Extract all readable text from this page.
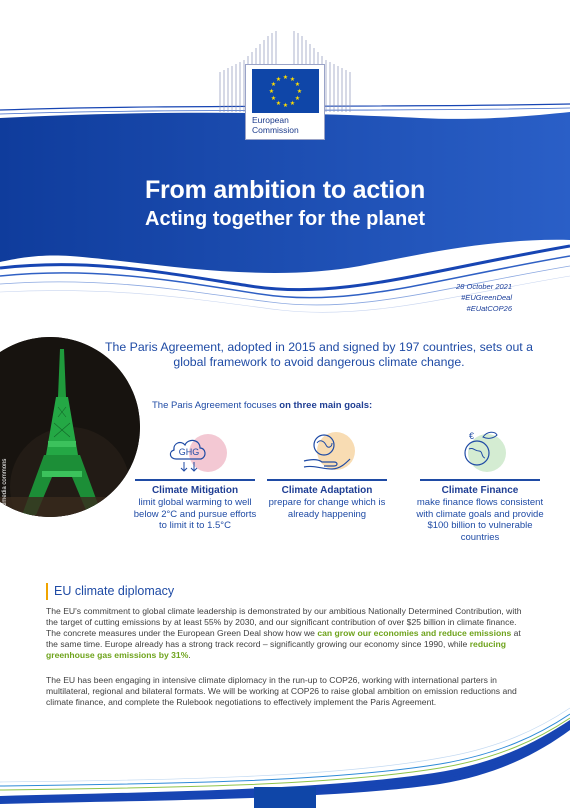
★ ★
★
★
★
★
★
★
★
★
★
★
European
Commission
From ambition to action
Acting together for the planet
28 October 2021
#EUGreenDeal
#EUatCOP26
© Wikimedia commons
The Paris Agreement, adopted in 2015 and signed by 197 countries, sets out a global framework to avoid dangerous climate change.
The Paris Agreement focuses on three main goals:
GHG
Climate Mitigation
limit global warming to well below 2°C and pursue efforts to limit it to 1.5°C
Climate Adaptation
prepare for change which is already happening
€
Climate Finance
make finance flows consistent with climate goals and provide $100 billion to vulnerable countries
EU climate diplomacy
The EU's commitment to global climate leadership is demonstrated by our ambitious Nationally Determined Contribution, with the target of cutting emissions by at least 55% by 2030, and our significant contribution of over $25 billion in climate finance. The concrete measures under the European Green Deal show how we can grow our economies and reduce emissions at the same time. Europe already has a strong track record – significantly growing our economy since 1990, while reducing greenhouse gas emissions by 31%.
The EU has been engaging in intensive climate diplomacy in the run-up to COP26, working with international parters in multilateral, regional and bilateral formats. We will be working at COP26 to raise global ambition on emission reductions and climate finance, and complete the Rulebook negotiations to effectively implement the Paris Agreement.
